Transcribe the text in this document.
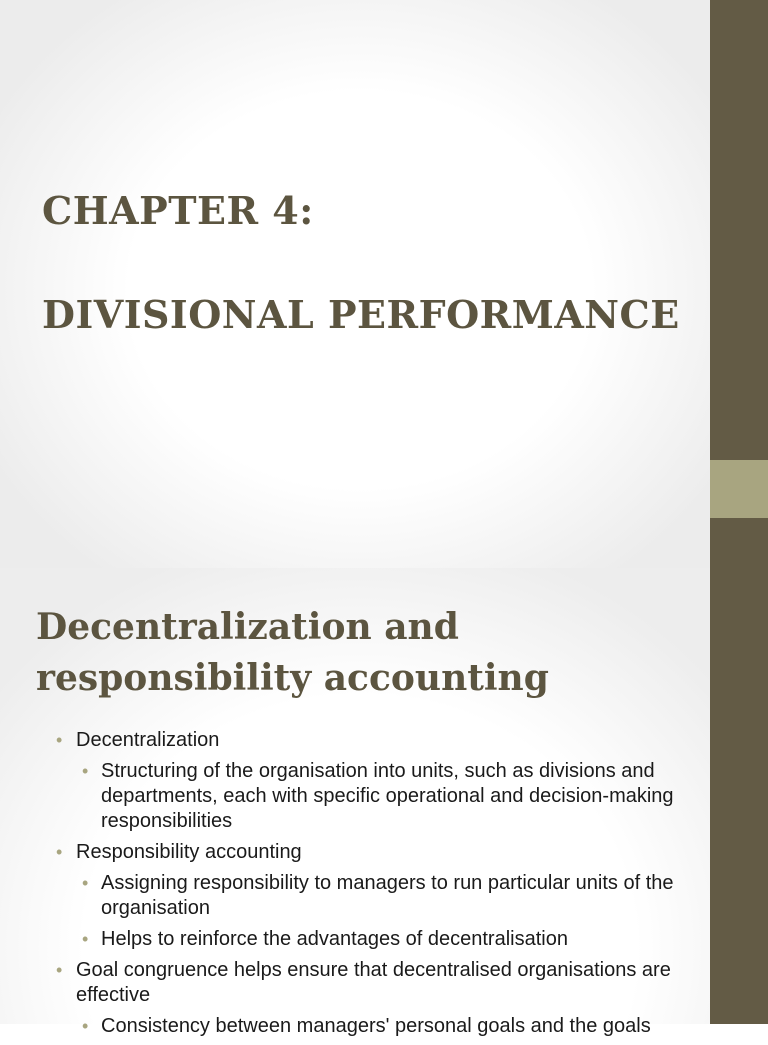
CHAPTER 4:
DIVISIONAL PERFORMANCE
Decentralization and responsibility accounting

• Decentralization

• Structuring of the organisation into units, such as divisions and departments, each with specific operational and decision-making responsibilities

• Responsibility accounting

• Assigning responsibility to managers to run particular units of the organisation

• Helps to reinforce the advantages of decentralisation

• Goal congruence helps ensure that decentralised organisations are effective

• Consistency between managers' personal goals and the goals
